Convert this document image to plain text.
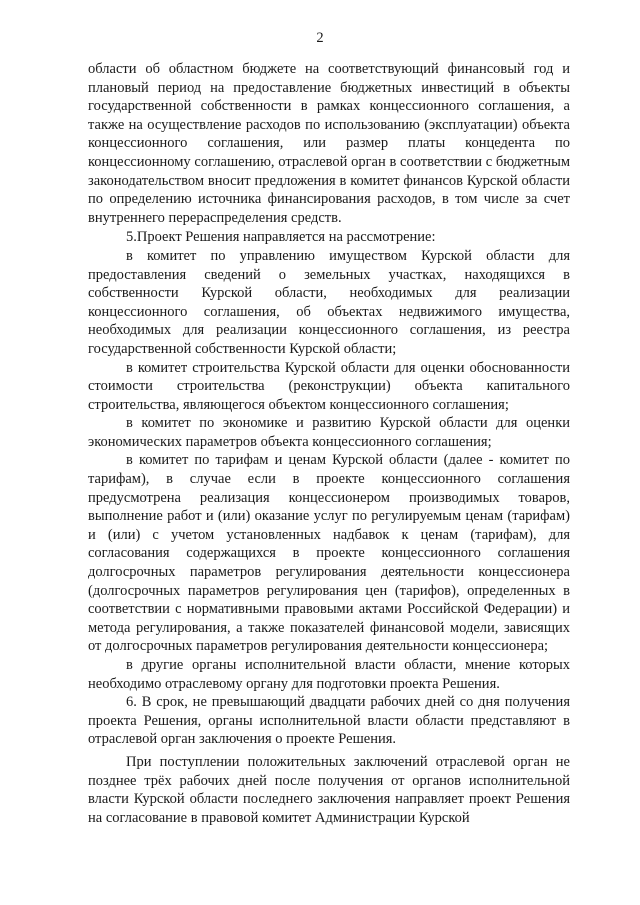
2

области об областном бюджете на соответствующий финансовый год и плановый период на предоставление бюджетных инвестиций в объекты государственной собственности в рамках концессионного соглашения, а также на осуществление расходов по использованию (эксплуатации) объекта концессионного соглашения, или размер платы концедента по концессионному соглашению, отраслевой орган в соответствии с бюджетным законодательством вносит предложения в комитет финансов Курской области по определению источника финансирования расходов, в том числе за счет внутреннего перераспределения средств.

5.Проект Решения направляется на рассмотрение:

в комитет по управлению имуществом Курской области для предоставления сведений о земельных участках, находящихся в собственности Курской области, необходимых для реализации концессионного соглашения, об объектах недвижимого имущества, необходимых для реализации концессионного соглашения, из реестра государственной собственности Курской области;

в комитет строительства Курской области для оценки обоснованности стоимости строительства (реконструкции) объекта капитального строительства, являющегося объектом концессионного соглашения;

в комитет по экономике и развитию Курской области для оценки экономических параметров объекта концессионного соглашения;

в комитет по тарифам и ценам Курской области (далее - комитет по тарифам), в случае если в проекте концессионного соглашения предусмотрена реализация концессионером производимых товаров, выполнение работ и (или) оказание услуг по регулируемым ценам (тарифам) и (или) с учетом установленных надбавок к ценам (тарифам), для согласования содержащихся в проекте концессионного соглашения долгосрочных параметров регулирования деятельности концессионера (долгосрочных параметров регулирования цен (тарифов), определенных в соответствии с нормативными правовыми актами Российской Федерации) и метода регулирования, а также показателей финансовой модели, зависящих от долгосрочных параметров регулирования деятельности концессионера;

в другие органы исполнительной власти области, мнение которых необходимо отраслевому органу для подготовки проекта Решения.

6. В срок, не превышающий двадцати рабочих дней со дня получения проекта Решения, органы исполнительной власти области представляют в отраслевой орган заключения о проекте Решения.

При поступлении положительных заключений отраслевой орган не позднее трёх рабочих дней после получения от органов исполнительной власти Курской области последнего заключения направляет проект Решения на согласование в правовой комитет Администрации Курской
